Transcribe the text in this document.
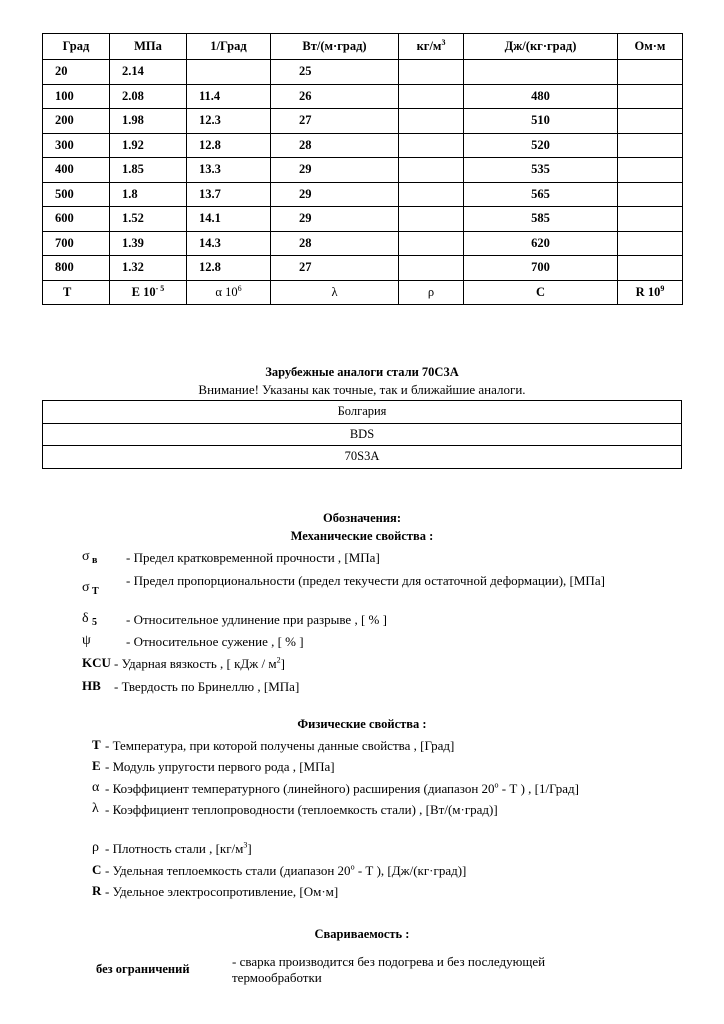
Град	МПа	1/Град	Вт/(м·град)	$кг/м^3$	Дж/(кг·град)	Ом·м
20	2.14		25			
100	2.08	11.4	26		480	
200	1.98	12.3	27		510	
300	1.92	12.8	28		520	
400	1.85	13.3	29		535	
500	1.8	13.7	29		565	
600	1.52	14.1	29		585	
700	1.39	14.3	28		620	
800	1.32	12.8	27		700	
T	E $10^{- 5}$	α $10^6$	λ	ρ	C	R $10^9$
Зарубежные аналоги стали 70С3А
Внимание! Указаны как точные, так и ближайшие аналоги.
Болгария
BDS
70S3A
Обозначения:
Механические свойства :
σ в - Предел кратковременной прочности , [МПа]
σ T
- Предел пропорциональности (предел текучести для остаточной деформации), [МПа]
δ 5 - Относительное удлинение при разрыве , [ % ]
ψ	- Относительное сужение , [ % ]
KCU - Ударная вязкость , [ кДж / $м^2$]
HB - Твердость по Бринеллю , [МПа]
Физические свойства :
T - Температура, при которой получены данные свойства , [Град]
E - Модуль упругости первого рода , [МПа]
α - Коэффициент температурного (линейного) расширения (диапазон 20$^o$ - Т ) , [1/Град]
λ - Коэффициент теплопроводности (теплоемкость стали) , [Вт/(м·град)]
ρ - Плотность стали , $[кг/м^3]$
C - Удельная теплоемкость стали (диапазон 20$^o$ - Т ), [Дж/(кг·град)]
R - Удельное электросопротивление, [Ом·м]
Свариваемость :
без ограничений	- сварка производится без подогрева и без последующей термообработки
